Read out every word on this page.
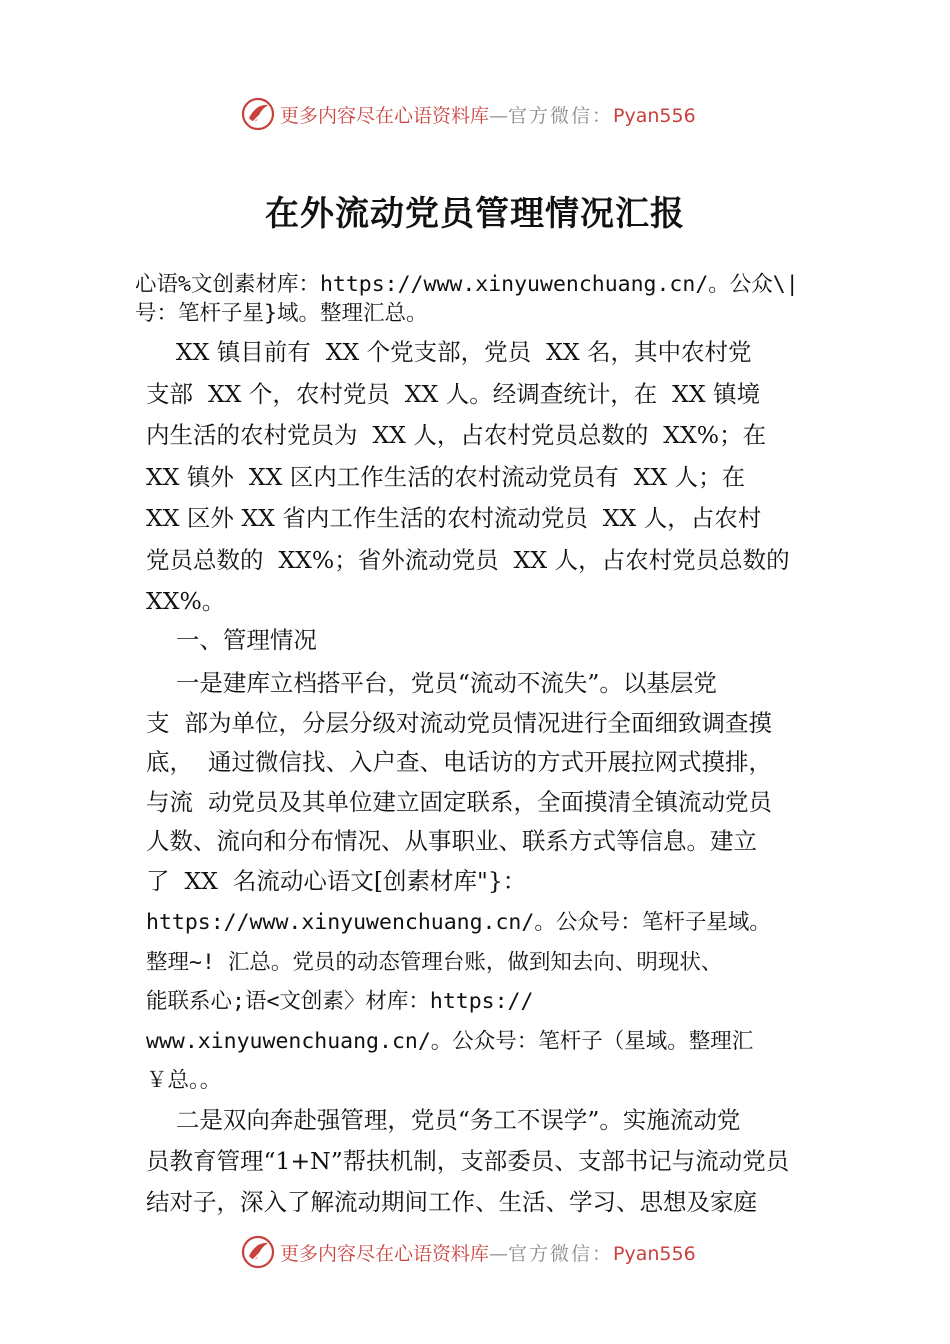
更多内容尽在心语资料库—官方微信：Pyan556
在外流动党员管理情况汇报
心语%文创素材库：https://www.xinyuwenchuang.cn/。公众\|
号：笔杆子星}域。整理汇总。
XX 镇目前有  XX 个党支部，党员  XX 名，其中农村党
支部  XX 个，农村党员  XX 人。经调查统计，在  XX 镇境
内生活的农村党员为  XX 人，占农村党员总数的  XX%；在
XX 镇外  XX 区内工作生活的农村流动党员有  XX 人；在
XX 区外 XX 省内工作生活的农村流动党员  XX 人，占农村
党员总数的  XX%；省外流动党员  XX 人，占农村党员总数的
XX%。
一、管理情况
一是建库立档搭平台，党员“流动不流失”。以基层党
支  部为单位，分层分级对流动党员情况进行全面细致调查摸
底，  通过微信找、入户查、电话访的方式开展拉网式摸排，
与流  动党员及其单位建立固定联系，全面摸清全镇流动党员
人数、流向和分布情况、从事职业、联系方式等信息。建立
了  XX  名流动心语文[创素材库"}：
https://www.xinyuwenchuang.cn/。公众号：笔杆子星域。
整理~! 汇总。党员的动态管理台账，做到知去向、明现状、
能联系心;语<文创素〉材库：https://
www.xinyuwenchuang.cn/。公众号：笔杆子（星域。整理汇
￥总。。
二是双向奔赴强管理，党员“务工不误学”。实施流动党
员教育管理“1+N”帮扶机制，支部委员、支部书记与流动党员
结对子，深入了解流动期间工作、生活、学习、思想及家庭
更多内容尽在心语资料库—官方微信：Pyan556
